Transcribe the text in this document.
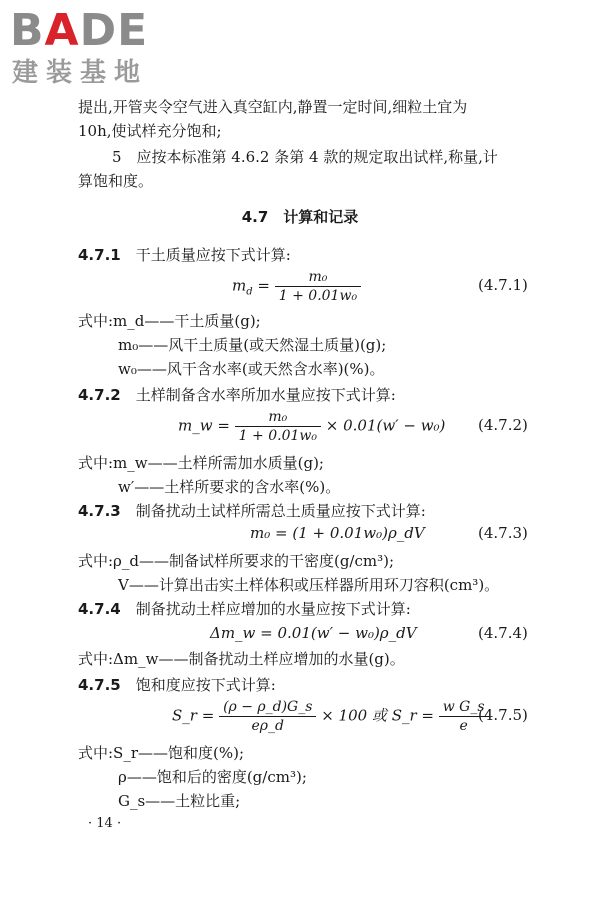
BADE
建装基地
提出,开管夹令空气进入真空缸内,静置一定时间,细粒土宜为
10h,使试样充分饱和;
5　应按本标准第 4.6.2 条第 4 款的规定取出试样,称量,计
算饱和度。
4.7　计算和记录
4.7.1　干土质量应按下式计算:
$m_d = \frac{\text{m₀}}{\text{1 + 0.01w₀}}$	(4.7.1)
式中:m_d——干土质量(g);
m₀——风干土质量(或天然湿土质量)(g);
w₀——风干含水率(或天然含水率)(%)。
4.7.2　土样制备含水率所加水量应按下式计算:
m_w = $\frac{\text{m₀}}{\text{1 + 0.01w₀}} \times 0.01(w' - w_0)$ (4.7.2)
式中:m_w——土样所需加水质量(g);
w′——土样所要求的含水率(%)。
4.7.3　制备扰动土试样所需总土质量应按下式计算:
m₀ = (1 + 0.01w₀)ρ_dV	(4.7.3)
式中:ρ_d——制备试样所要求的干密度(g/cm³);
V——计算出击实土样体积或压样器所用环刀容积(cm³)。
4.7.4　制备扰动土样应增加的水量应按下式计算:
Δm_w = 0.01(w′ − w₀)ρ_dV	(4.7.4)
式中:Δm_w——制备扰动土样应增加的水量(g)。
4.7.5　饱和度应按下式计算:
S_r = $\frac{(\rho - \rho\_d)G\_s}{e\rho\_d} \times 100$ 或 S_r = $\frac{\text{w G\_s}}{e}$
(4.7.5)
式中:S_r——饱和度(%);
ρ——饱和后的密度(g/cm³);
G_s——土粒比重;
· 14 ·
